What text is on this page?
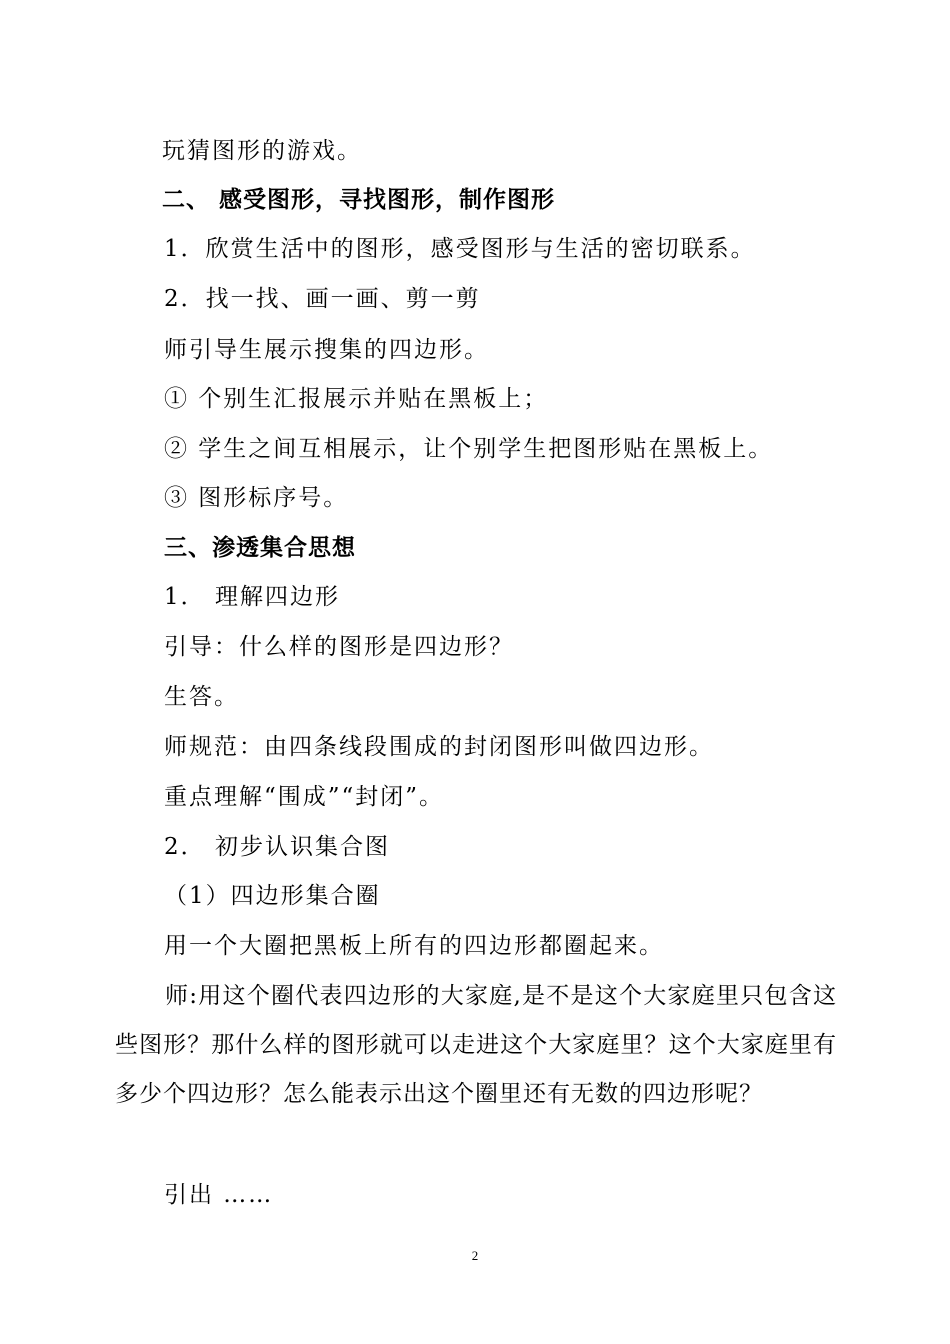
玩猜图形的游戏。
二、 感受图形，寻找图形，制作图形
1．欣赏生活中的图形，感受图形与生活的密切联系。
2．找一找、画一画、剪一剪
师引导生展示搜集的四边形。
① 个别生汇报展示并贴在黑板上；
② 学生之间互相展示，让个别学生把图形贴在黑板上。
③ 图形标序号。
三、渗透集合思想
1． 理解四边形
引导：什么样的图形是四边形？
生答。
师规范：由四条线段围成的封闭图形叫做四边形。
重点理解“围成”“封闭”。
2． 初步认识集合图
（1）四边形集合圈
用一个大圈把黑板上所有的四边形都圈起来。
师:用这个圈代表四边形的大家庭,是不是这个大家庭里只包含这些图形？那什么样的图形就可以走进这个大家庭里？这个大家庭里有多少个四边形？怎么能表示出这个圈里还有无数的四边形呢？
引出 ……
2
